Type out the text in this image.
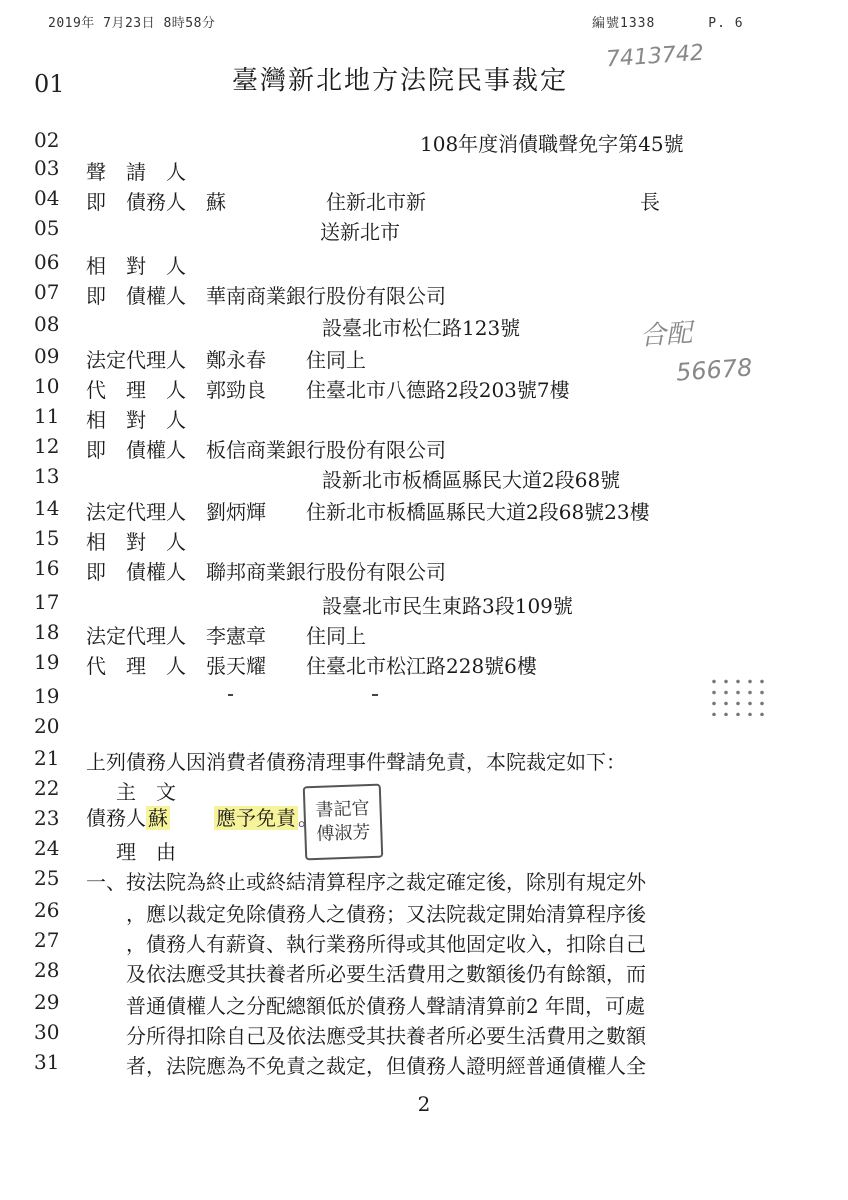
2019年 7月23日 8時58分	編號1338	P. 6
7413742
合配
56678
臺灣新北地方法院民事裁定
01
02
03
04
05
06
07
08
09
10
11
12
13
14
15
16
17
18
19
19
20
21
22
23
24
25
26
27
28
29
30
31
108年度消債職聲免字第45號
聲　請　人
即　債務人　蘇　　　　　住新北市新
送新北市
相　對　人
即　債權人　華南商業銀行股份有限公司
設臺北市松仁路123號
法定代理人　鄭永春　　住同上
代　理　人　郭勁良　　住臺北市八德路2段203號7樓
相　對　人
即　債權人　板信商業銀行股份有限公司
設新北市板橋區縣民大道2段68號
法定代理人　劉炳輝　　住新北市板橋區縣民大道2段68號23樓
相　對　人
即　債權人　聯邦商業銀行股份有限公司
設臺北市民生東路3段109號
法定代理人　李憲章　　住同上
代　理　人　張天耀　　住臺北市松江路228號6樓
上列債務人因消費者債務清理事件聲請免責，本院裁定如下：
主　文
理　由
一、按法院為終止或終結清算程序之裁定確定後，除別有規定外
，應以裁定免除債務人之債務；又法院裁定開始清算程序後
，債務人有薪資、執行業務所得或其他固定收入，扣除自己
及依法應受其扶養者所必要生活費用之數額後仍有餘額，而
普通債權人之分配總額低於債務人聲請清算前2 年間，可處
分所得扣除自己及依法應受其扶養者所必要生活費用之數額
者，法院應為不免責之裁定，但債務人證明經普通債權人全
長
債務人 蘇 應予免責 。
書記官
傅淑芳
2
